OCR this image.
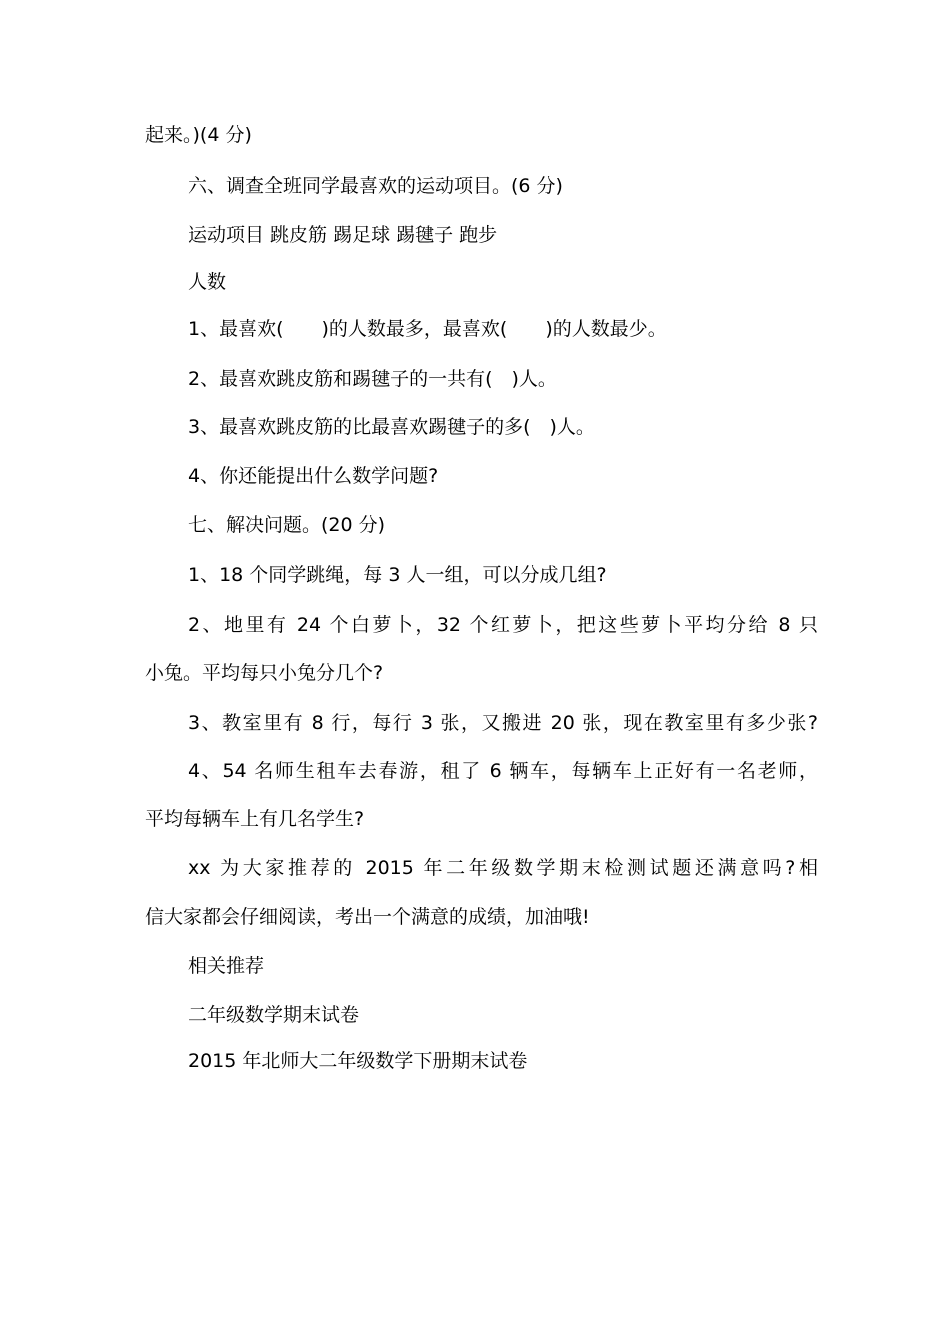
起来。)(4 分)
六、调查全班同学最喜欢的运动项目。(6 分)
运动项目 跳皮筋 踢足球 踢毽子 跑步
人数
1、最喜欢(　　)的人数最多，最喜欢(　　)的人数最少。
2、最喜欢跳皮筋和踢毽子的一共有(　)人。
3、最喜欢跳皮筋的比最喜欢踢毽子的多(　)人。
4、你还能提出什么数学问题?
七、解决问题。(20 分)
1、18 个同学跳绳，每 3 人一组，可以分成几组?
2、地里有 24 个白萝卜，32 个红萝卜，把这些萝卜平均分给 8 只
小兔。平均每只小兔分几个?
3、教室里有 8 行，每行 3 张，又搬进 20 张，现在教室里有多少张?
4、54 名师生租车去春游，租了 6 辆车，每辆车上正好有一名老师，
平均每辆车上有几名学生?
xx 为大家推荐的 2015 年二年级数学期末检测试题还满意吗?相
信大家都会仔细阅读，考出一个满意的成绩，加油哦!
相关推荐
二年级数学期末试卷
2015 年北师大二年级数学下册期末试卷
